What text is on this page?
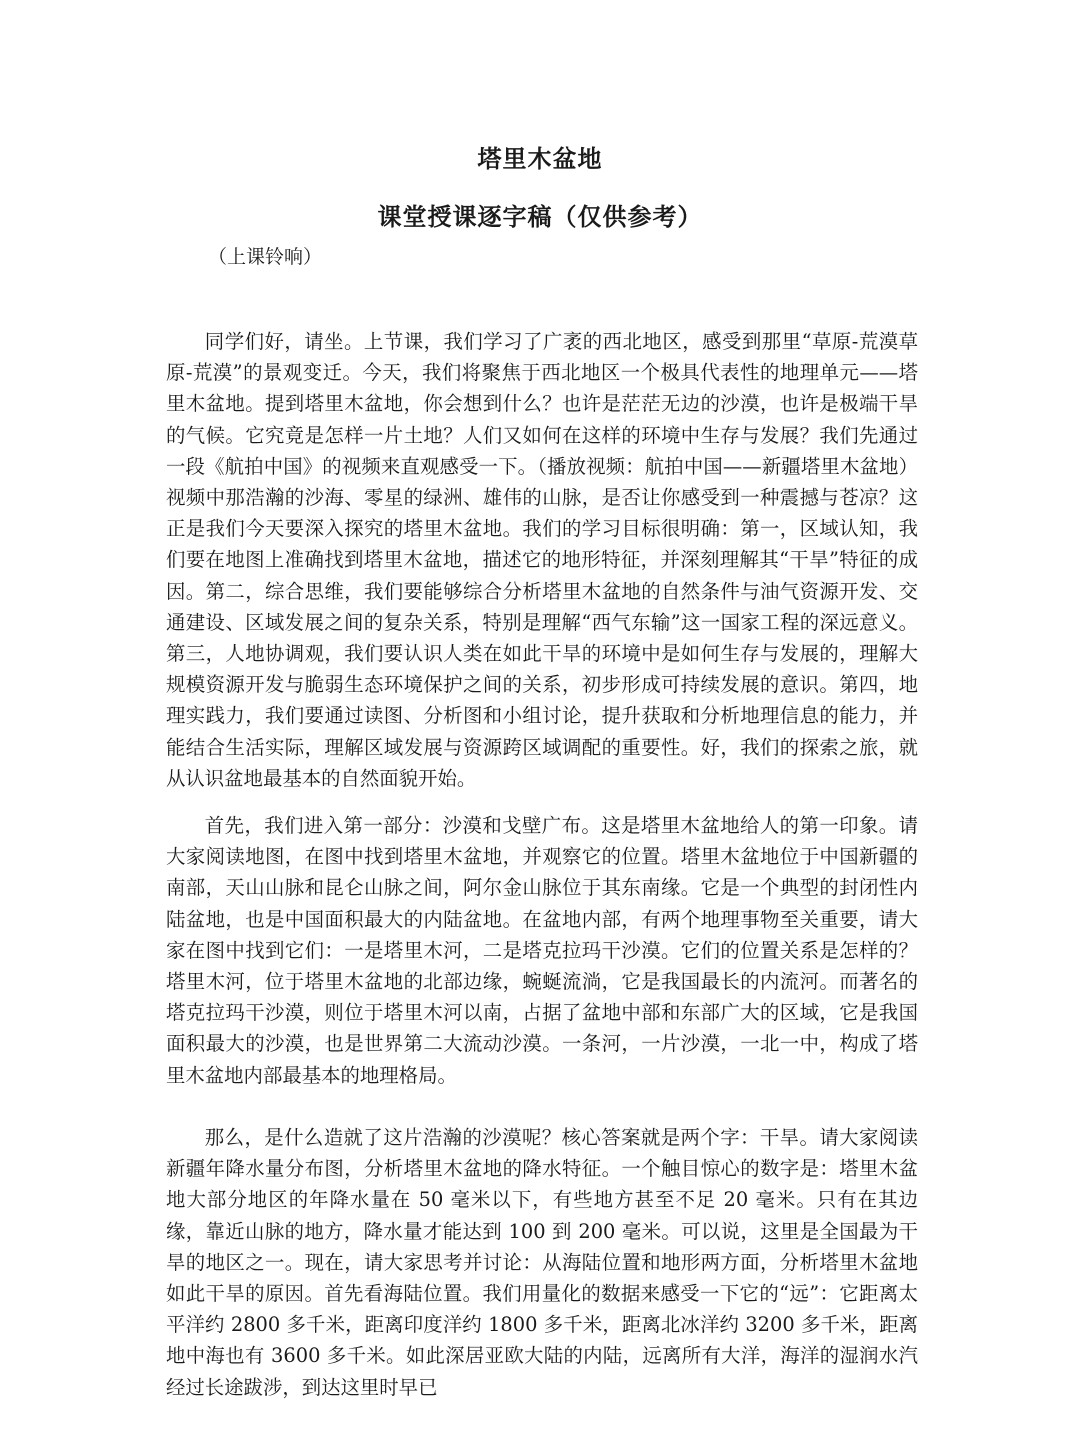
塔里木盆地
课堂授课逐字稿（仅供参考）

（上课铃响）

同学们好，请坐。上节课，我们学习了广袤的西北地区，感受到那里“草原-荒漠草原-荒漠”的景观变迁。今天，我们将聚焦于西北地区一个极具代表性的地理单元——塔里木盆地。提到塔里木盆地，你会想到什么？也许是茫茫无边的沙漠，也许是极端干旱的气候。它究竟是怎样一片土地？人们又如何在这样的环境中生存与发展？我们先通过一段《航拍中国》的视频来直观感受一下。（播放视频：航拍中国——新疆塔里木盆地）视频中那浩瀚的沙海、零星的绿洲、雄伟的山脉，是否让你感受到一种震撼与苍凉？这正是我们今天要深入探究的塔里木盆地。我们的学习目标很明确：第一，区域认知，我们要在地图上准确找到塔里木盆地，描述它的地形特征，并深刻理解其“干旱”特征的成因。第二，综合思维，我们要能够综合分析塔里木盆地的自然条件与油气资源开发、交通建设、区域发展之间的复杂关系，特别是理解“西气东输”这一国家工程的深远意义。第三，人地协调观，我们要认识人类在如此干旱的环境中是如何生存与发展的，理解大规模资源开发与脆弱生态环境保护之间的关系，初步形成可持续发展的意识。第四，地理实践力，我们要通过读图、分析图和小组讨论，提升获取和分析地理信息的能力，并能结合生活实际，理解区域发展与资源跨区域调配的重要性。好，我们的探索之旅，就从认识盆地最基本的自然面貌开始。

首先，我们进入第一部分：沙漠和戈壁广布。这是塔里木盆地给人的第一印象。请大家阅读地图，在图中找到塔里木盆地，并观察它的位置。塔里木盆地位于中国新疆的南部，天山山脉和昆仑山脉之间，阿尔金山脉位于其东南缘。它是一个典型的封闭性内陆盆地，也是中国面积最大的内陆盆地。在盆地内部，有两个地理事物至关重要，请大家在图中找到它们：一是塔里木河，二是塔克拉玛干沙漠。它们的位置关系是怎样的？塔里木河，位于塔里木盆地的北部边缘，蜿蜒流淌，它是我国最长的内流河。而著名的塔克拉玛干沙漠，则位于塔里木河以南，占据了盆地中部和东部广大的区域，它是我国面积最大的沙漠，也是世界第二大流动沙漠。一条河，一片沙漠，一北一中，构成了塔里木盆地内部最基本的地理格局。

那么，是什么造就了这片浩瀚的沙漠呢？核心答案就是两个字：干旱。请大家阅读新疆年降水量分布图，分析塔里木盆地的降水特征。一个触目惊心的数字是：塔里木盆地大部分地区的年降水量在 50 毫米以下，有些地方甚至不足 20 毫米。只有在其边缘，靠近山脉的地方，降水量才能达到 100 到 200 毫米。可以说，这里是全国最为干旱的地区之一。现在，请大家思考并讨论：从海陆位置和地形两方面，分析塔里木盆地如此干旱的原因。首先看海陆位置。我们用量化的数据来感受一下它的“远”：它距离太平洋约 2800 多千米，距离印度洋约 1800 多千米，距离北冰洋约 3200 多千米，距离地中海也有 3600 多千米。如此深居亚欧大陆的内陆，远离所有大洋，海洋的湿润水汽经过长途跋涉，到达这里时早已
